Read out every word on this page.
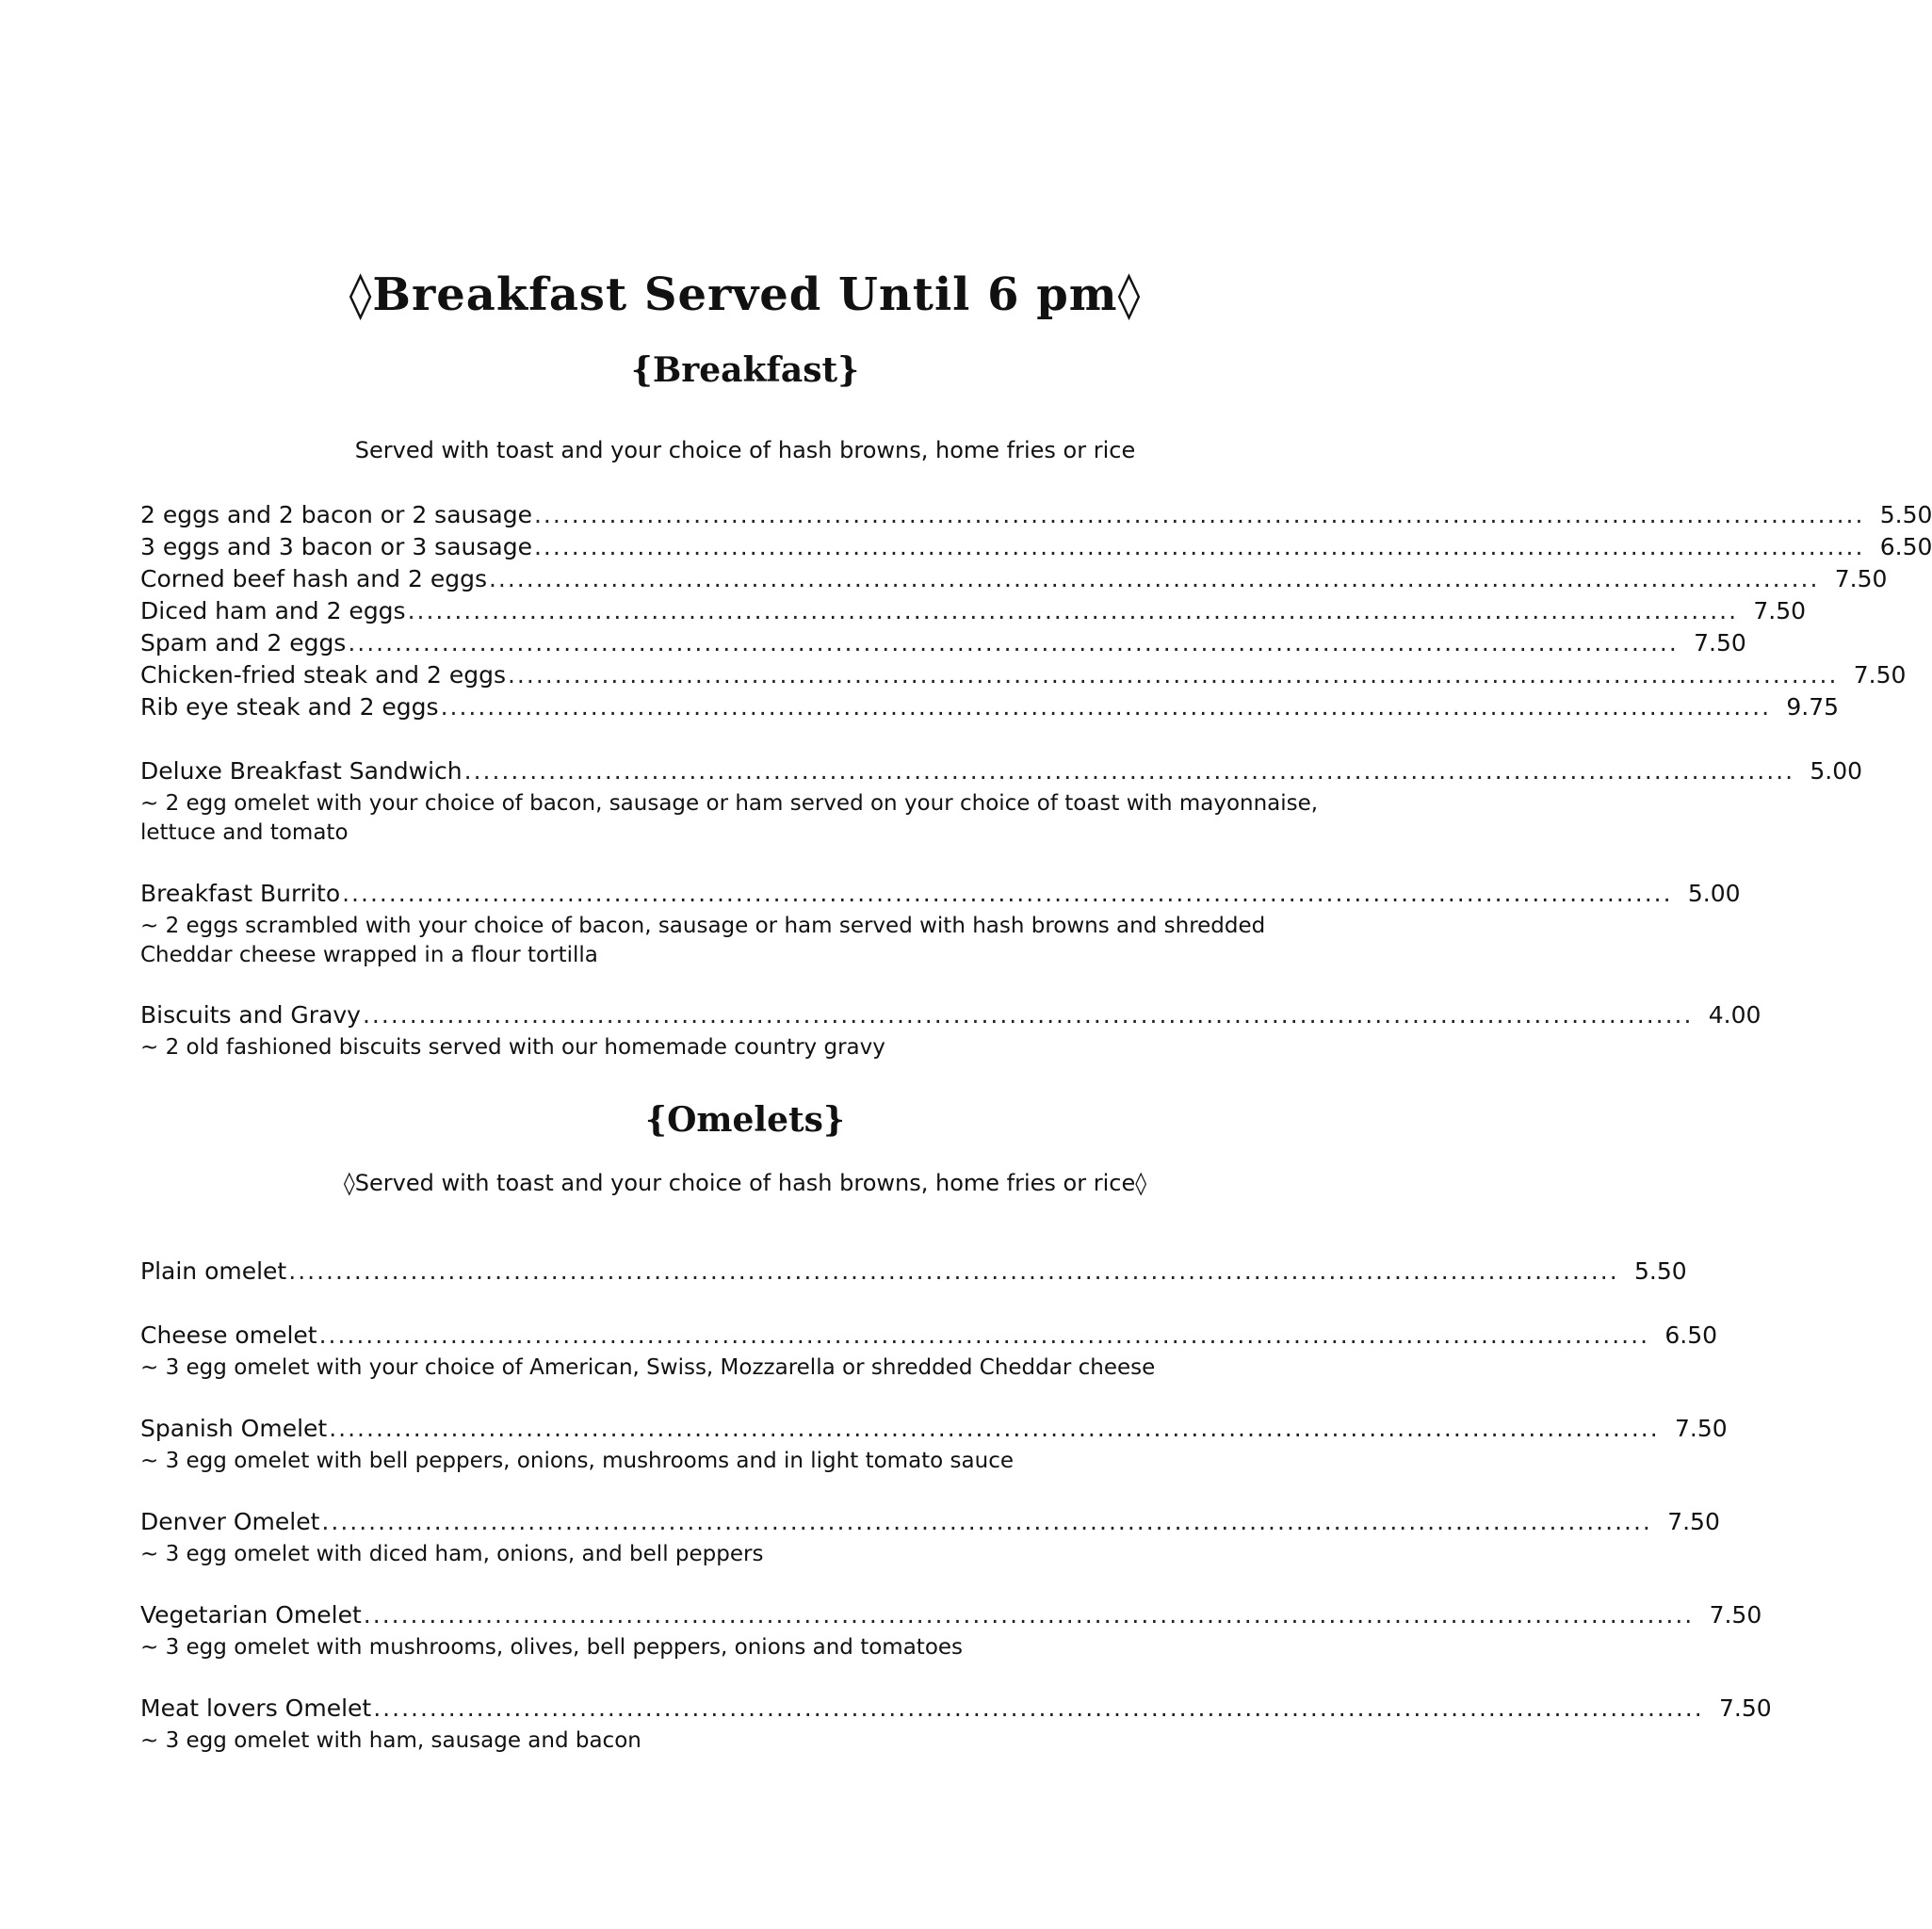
◊Breakfast Served Until 6 pm◊
{Breakfast}
Served with toast and your choice of hash browns, home fries or rice
2 eggs and 2 bacon or 2 sausage .............................................................................................................................................. 5.50
3 eggs and 3 bacon or 3 sausage .............................................................................................................................................. 6.50
Corned beef hash and 2 eggs .............................................................................................................................................. 7.50
Diced ham and 2 eggs .............................................................................................................................................. 7.50
Spam and 2 eggs .............................................................................................................................................. 7.50
Chicken-fried steak and 2 eggs .............................................................................................................................................. 7.50
Rib eye steak and 2 eggs .............................................................................................................................................. 9.75
Deluxe Breakfast Sandwich .............................................................................................................................................. 5.00
~ 2 egg omelet with your choice of bacon, sausage or ham served on your choice of toast with mayonnaise, lettuce and tomato
Breakfast Burrito .............................................................................................................................................. 5.00
~ 2 eggs scrambled with your choice of bacon, sausage or ham served with hash browns and shredded Cheddar cheese wrapped in a flour tortilla
Biscuits and Gravy .............................................................................................................................................. 4.00
~ 2 old fashioned biscuits served with our homemade country gravy
{Omelets}
◊Served with toast and your choice of hash browns, home fries or rice◊
Plain omelet .............................................................................................................................................. 5.50
Cheese omelet .............................................................................................................................................. 6.50
~ 3 egg omelet with your choice of American, Swiss, Mozzarella or shredded Cheddar cheese
Spanish Omelet .............................................................................................................................................. 7.50
~ 3 egg omelet with bell peppers, onions, mushrooms and in light tomato sauce
Denver Omelet .............................................................................................................................................. 7.50
~ 3 egg omelet with diced ham, onions, and bell peppers
Vegetarian Omelet .............................................................................................................................................. 7.50
~ 3 egg omelet with mushrooms, olives, bell peppers, onions and tomatoes
Meat lovers Omelet .............................................................................................................................................. 7.50
~ 3 egg omelet with ham, sausage and bacon
